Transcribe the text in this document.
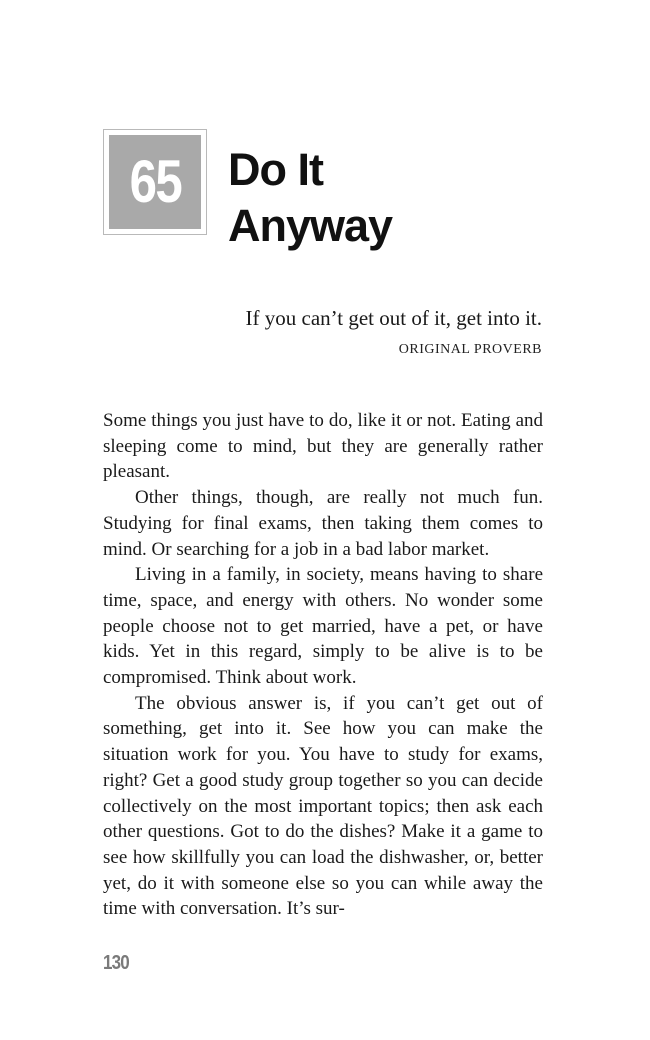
65 Do It
Anyway
If you can’t get out of it, get into it.
ORIGINAL PROVERB

Some things you just have to do, like it or not. Eating and sleeping come to mind, but they are generally rather pleasant.

Other things, though, are really not much fun. Studying for final exams, then taking them comes to mind. Or searching for a job in a bad labor market.

Living in a family, in society, means having to share time, space, and energy with others. No wonder some people choose not to get married, have a pet, or have kids. Yet in this regard, simply to be alive is to be compromised. Think about work.

The obvious answer is, if you can’t get out of something, get into it. See how you can make the situation work for you. You have to study for exams, right? Get a good study group together so you can decide collectively on the most important topics; then ask each other questions. Got to do the dishes? Make it a game to see how skillfully you can load the dishwasher, or, better yet, do it with someone else so you can while away the time with conversation. It’s sur-

130
